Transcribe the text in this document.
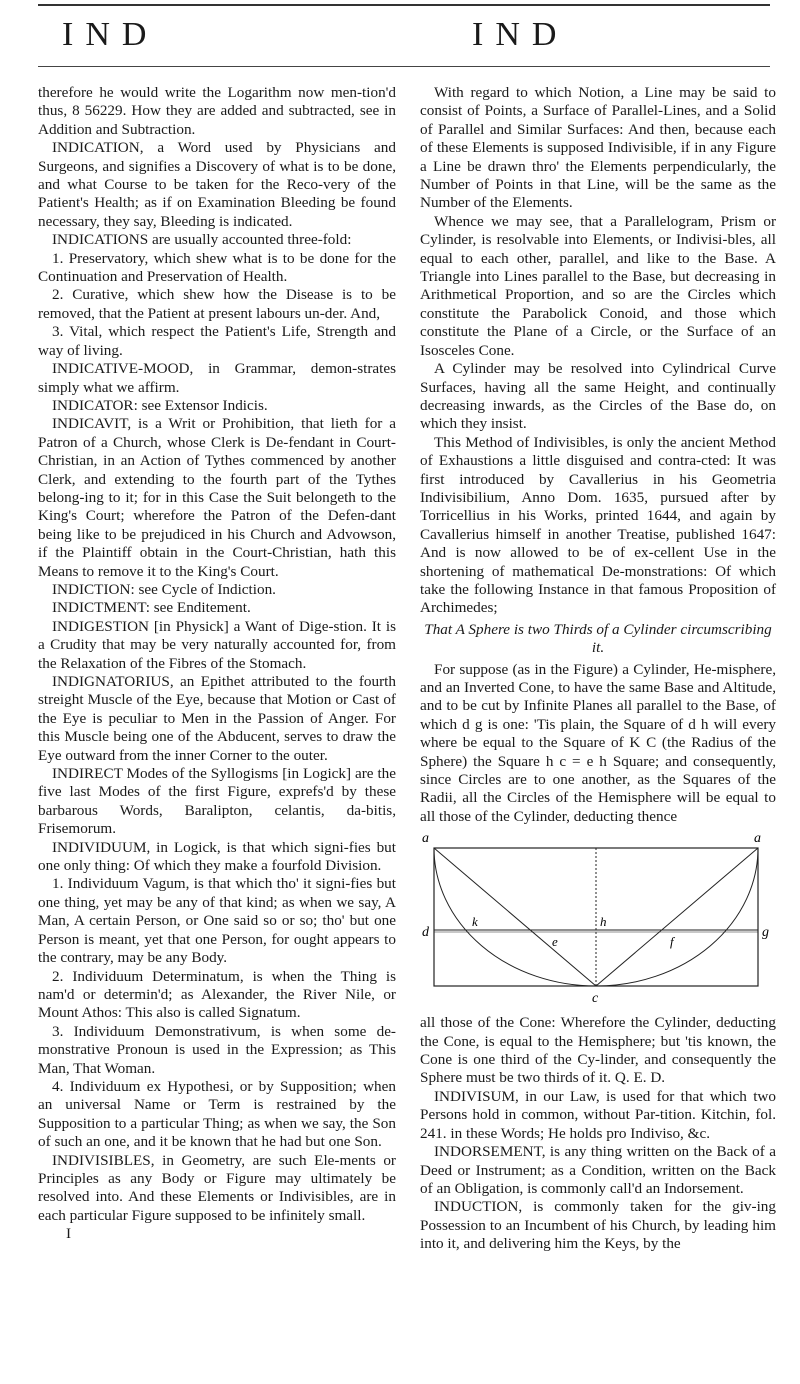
IND	IND

therefore he would write the Logarithm now men-tion'd thus, 8 56229. How they are added and subtracted, see in Addition and Subtraction.

INDICATION, a Word used by Physicians and Surgeons, and signifies a Discovery of what is to be done, and what Course to be taken for the Reco-very of the Patient's Health; as if on Examination Bleeding be found necessary, they say, Bleeding is indicated.

INDICATIONS are usually accounted three-fold:

1. Preservatory, which shew what is to be done for the Continuation and Preservation of Health.

2. Curative, which shew how the Disease is to be removed, that the Patient at present labours un-der. And,

3. Vital, which respect the Patient's Life, Strength and way of living.

INDICATIVE-MOOD, in Grammar, demon-strates simply what we affirm.

INDICATOR: see Extensor Indicis.

INDICAVIT, is a Writ or Prohibition, that lieth for a Patron of a Church, whose Clerk is De-fendant in Court-Christian, in an Action of Tythes commenced by another Clerk, and extending to the fourth part of the Tythes belong-ing to it; for in this Case the Suit belongeth to the King's Court; wherefore the Patron of the Defen-dant being like to be prejudiced in his Church and Advowson, if the Plaintiff obtain in the Court-Christian, hath this Means to remove it to the King's Court.

INDICTION: see Cycle of Indiction.

INDICTMENT: see Enditement.

INDIGESTION [in Physick] a Want of Dige-stion. It is a Crudity that may be very naturally accounted for, from the Relaxation of the Fibres of the Stomach.

INDIGNATORIUS, an Epithet attributed to the fourth streight Muscle of the Eye, because that Motion or Cast of the Eye is peculiar to Men in the Passion of Anger. For this Muscle being one of the Abducent, serves to draw the Eye outward from the inner Corner to the outer.

INDIRECT Modes of the Syllogisms [in Logick] are the five last Modes of the first Figure, exprefs'd by these barbarous Words, Baralipton, celantis, da-bitis, Frisemorum.

INDIVIDUUM, in Logick, is that which signi-fies but one only thing: Of which they make a fourfold Division.

1. Individuum Vagum, is that which tho' it signi-fies but one thing, yet may be any of that kind; as when we say, A Man, A certain Person, or One said so or so; tho' but one Person is meant, yet that one Person, for ought appears to the contrary, may be any Body.

2. Individuum Determinatum, is when the Thing is nam'd or determin'd; as Alexander, the River Nile, or Mount Athos: This also is called Signatum.

3. Individuum Demonstrativum, is when some de-monstrative Pronoun is used in the Expression; as This Man, That Woman.

4. Individuum ex Hypothesi, or by Supposition; when an universal Name or Term is restrained by the Supposition to a particular Thing; as when we say, the Son of such an one, and it be known that he had but one Son.

INDIVISIBLES, in Geometry, are such Ele-ments or Principles as any Body or Figure may ultimately be resolved into. And these Elements or Indivisibles, are in each particular Figure supposed to be infinitely small.

I

With regard to which Notion, a Line may be said to consist of Points, a Surface of Parallel-Lines, and a Solid of Parallel and Similar Surfaces: And then, because each of these Elements is supposed Indivisible, if in any Figure a Line be drawn thro' the Elements perpendicularly, the Number of Points in that Line, will be the same as the Number of the Elements.

Whence we may see, that a Parallelogram, Prism or Cylinder, is resolvable into Elements, or Indivisi-bles, all equal to each other, parallel, and like to the Base. A Triangle into Lines parallel to the Base, but decreasing in Arithmetical Proportion, and so are the Circles which constitute the Parabolick Conoid, and those which constitute the Plane of a Circle, or the Surface of an Isosceles Cone.

A Cylinder may be resolved into Cylindrical Curve Surfaces, having all the same Height, and continually decreasing inwards, as the Circles of the Base do, on which they insist.

This Method of Indivisibles, is only the ancient Method of Exhaustions a little disguised and contra-cted: It was first introduced by Cavallerius in his Geometria Indivisibilium, Anno Dom. 1635, pursued after by Torricellius in his Works, printed 1644, and again by Cavallerius himself in another Treatise, published 1647: And is now allowed to be of ex-cellent Use in the shortening of mathematical De-monstrations: Of which take the following Instance in that famous Proposition of Archimedes;

That A Sphere is two Thirds of a Cylinder circumscribing it.

For suppose (as in the Figure) a Cylinder, He-misphere, and an Inverted Cone, to have the same Base and Altitude, and to be cut by Infinite Planes all parallel to the Base, of which d g is one: 'Tis plain, the Square of d h will every where be equal to the Square of K C (the Radius of the Sphere) the Square h c = e h Square; and consequently, since Circles are to one another, as the Squares of the Radii, all the Circles of the Hemisphere will be equal to all those of the Cylinder, deducting thence

a	a
d	g
k	h
e	f
c

all those of the Cone: Wherefore the Cylinder, deducting the Cone, is equal to the Hemisphere; but 'tis known, the Cone is one third of the Cy-linder, and consequently the Sphere must be two thirds of it. Q. E. D.

INDIVISUM, in our Law, is used for that which two Persons hold in common, without Par-tition. Kitchin, fol. 241. in these Words; He holds pro Indiviso, &c.

INDORSEMENT, is any thing written on the Back of a Deed or Instrument; as a Condition, written on the Back of an Obligation, is commonly call'd an Indorsement.

INDUCTION, is commonly taken for the giv-ing Possession to an Incumbent of his Church, by leading him into it, and delivering him the Keys, by the
